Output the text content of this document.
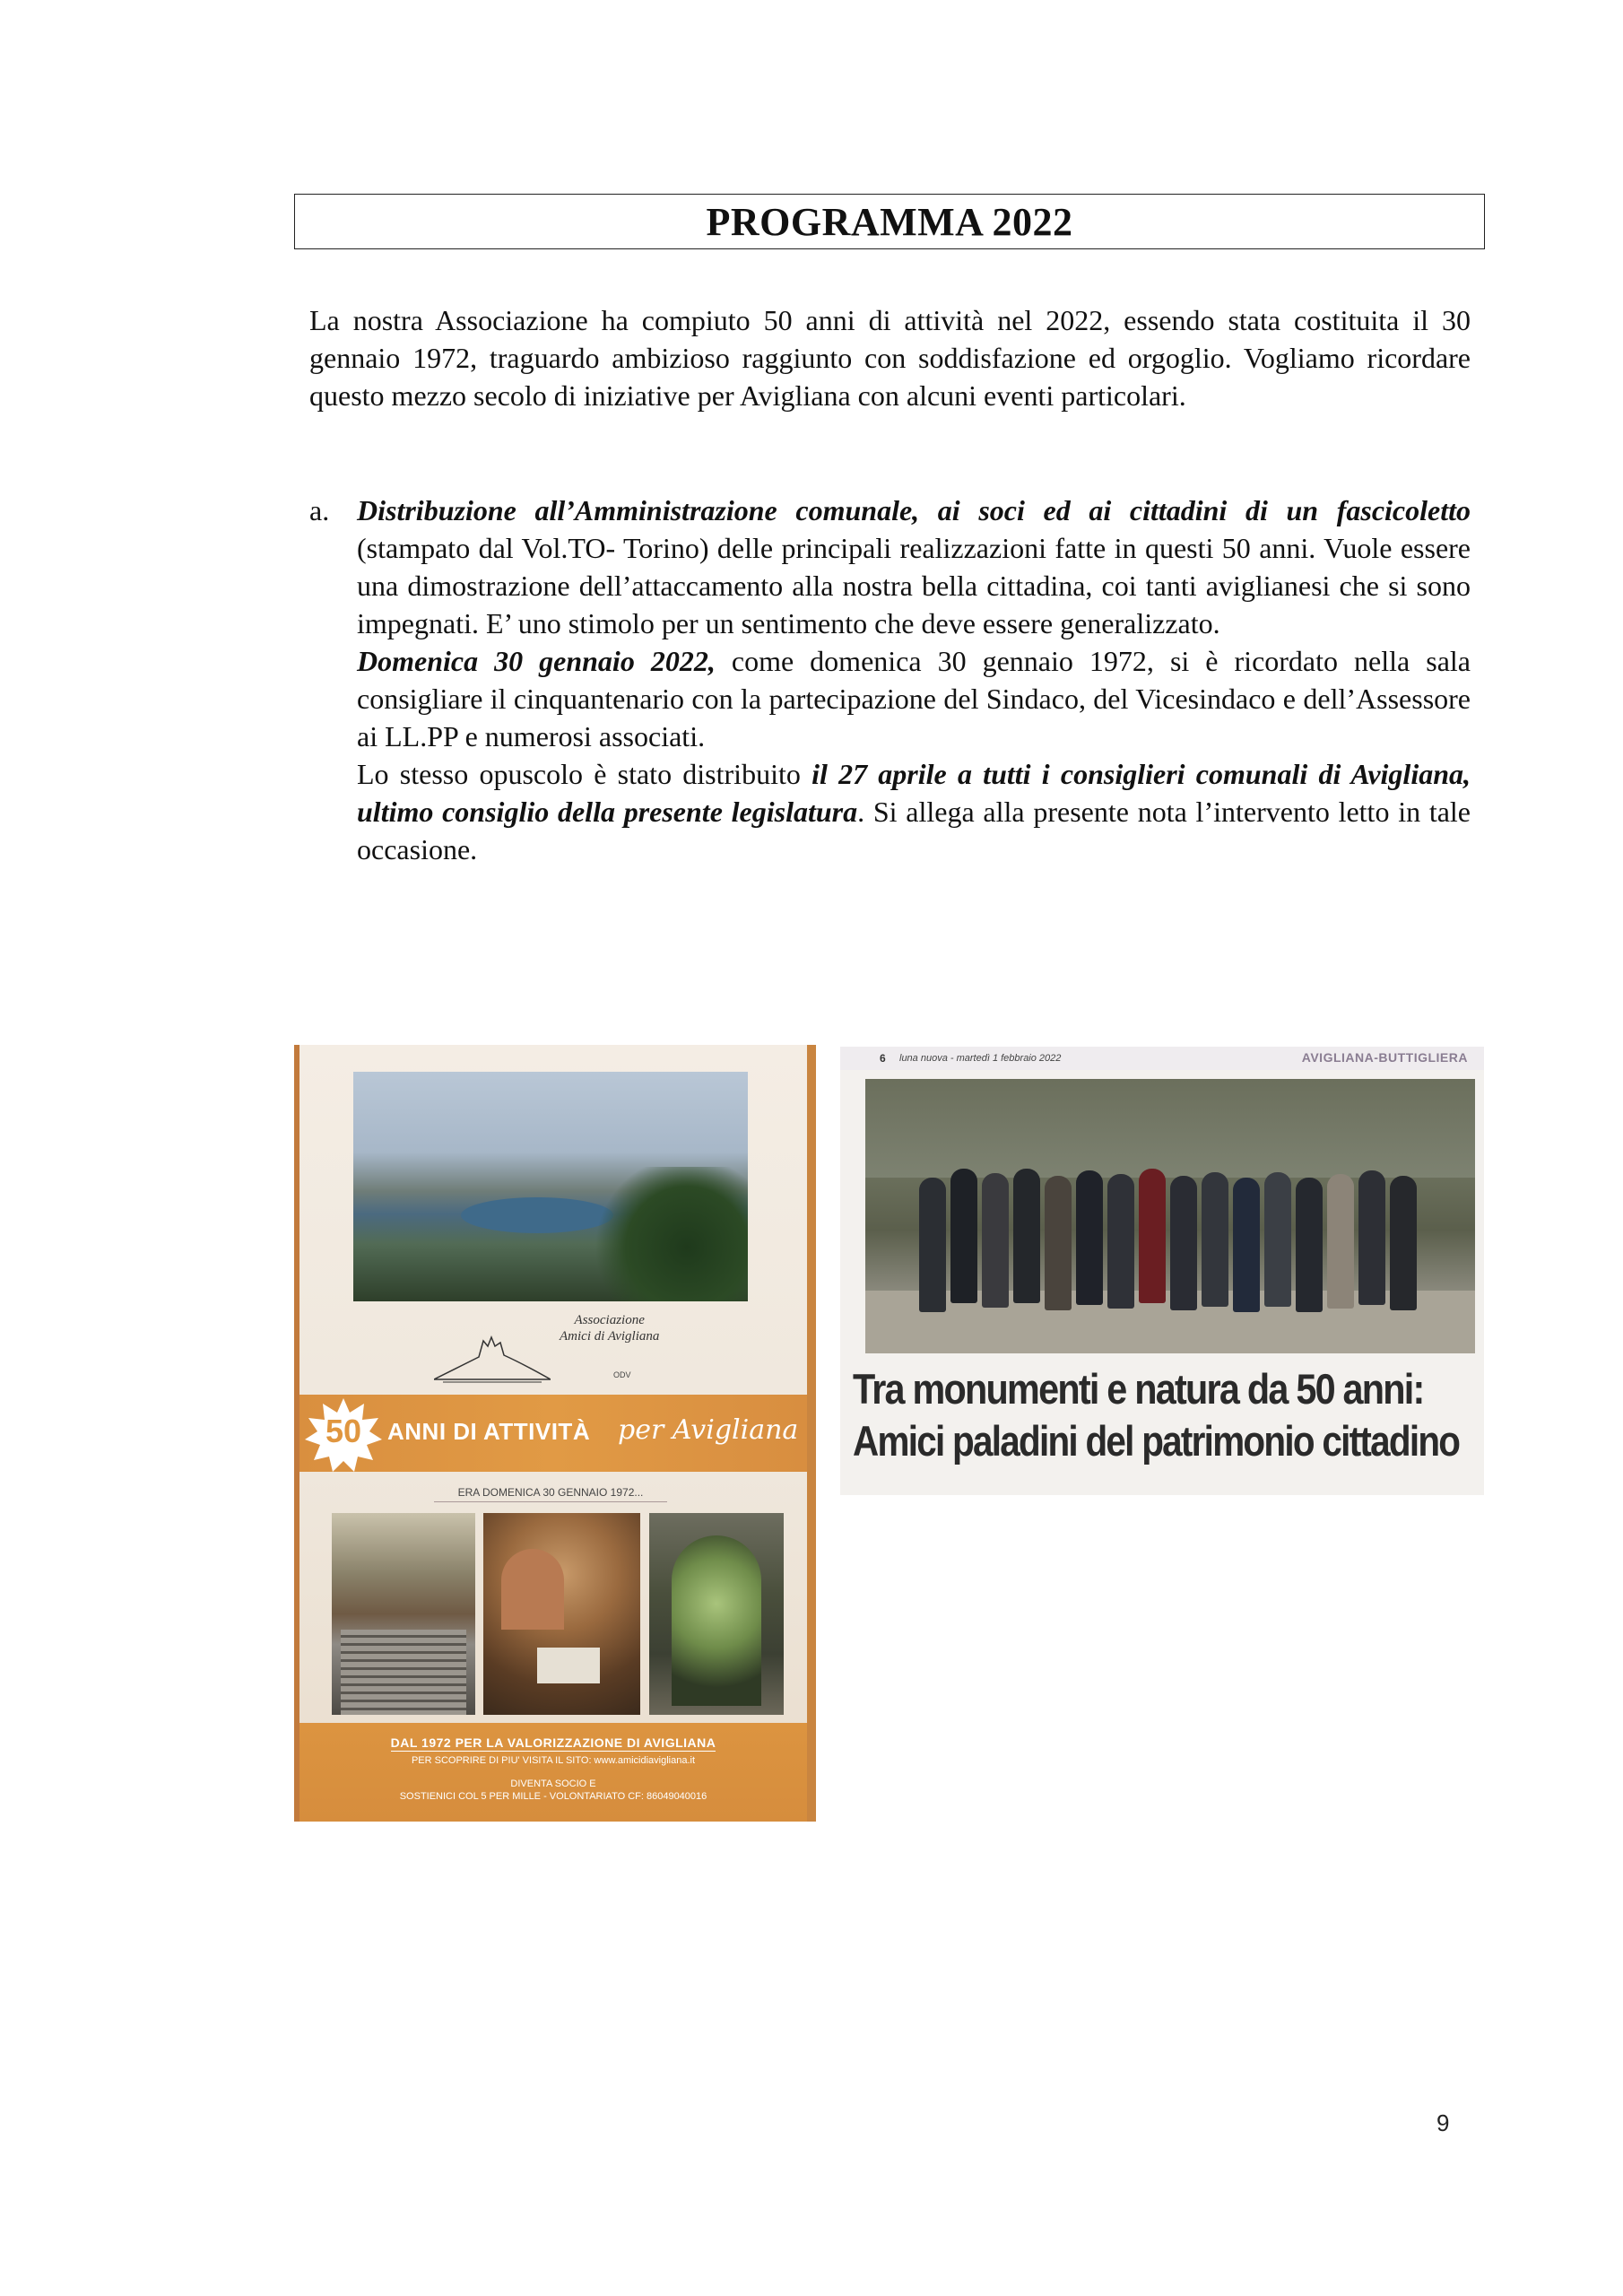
PROGRAMMA 2022

La nostra Associazione ha compiuto 50 anni di attività nel 2022, essendo stata costituita il 30 gennaio 1972, traguardo ambizioso raggiunto con soddisfazione ed orgoglio. Vogliamo ricordare questo mezzo secolo di iniziative per Avigliana con alcuni eventi particolari.

a. Distribuzione all’Amministrazione comunale, ai soci ed ai cittadini di un fascicoletto (stampato dal Vol.TO- Torino) delle principali realizzazioni fatte in questi 50 anni. Vuole essere una dimostrazione dell’attaccamento alla nostra bella cittadina, coi tanti aviglianesi che si sono impegnati. E’ uno stimolo per un sentimento che deve essere generalizzato.

Domenica 30 gennaio 2022, come domenica 30 gennaio 1972, si è ricordato nella sala consigliare il cinquantenario con la partecipazione del Sindaco, del Vicesindaco e dell’Assessore ai LL.PP e numerosi associati.

Lo stesso opuscolo è stato distribuito il 27 aprile a tutti i consiglieri comunali di Avigliana, ultimo consiglio della presente legislatura. Si allega alla presente nota l’intervento letto in tale occasione.

Associazione
Amici di Avigliana
ODV
50	ANNI DI ATTIVITÀ per Avigliana
ERA DOMENICA 30 GENNAIO 1972...
DAL 1972 PER LA VALORIZZAZIONE DI AVIGLIANA
PER SCOPRIRE DI PIU' VISITA IL SITO: www.amicidiavigliana.it
DIVENTA SOCIO E
SOSTIENICI COL 5 PER MILLE - VOLONTARIATO CF: 86049040016
6 luna nuova - martedì 1 febbraio 2022	AVIGLIANA-BUTTIGLIERA
Tra monumenti e natura da 50 anni:
Amici paladini del patrimonio cittadino
9
